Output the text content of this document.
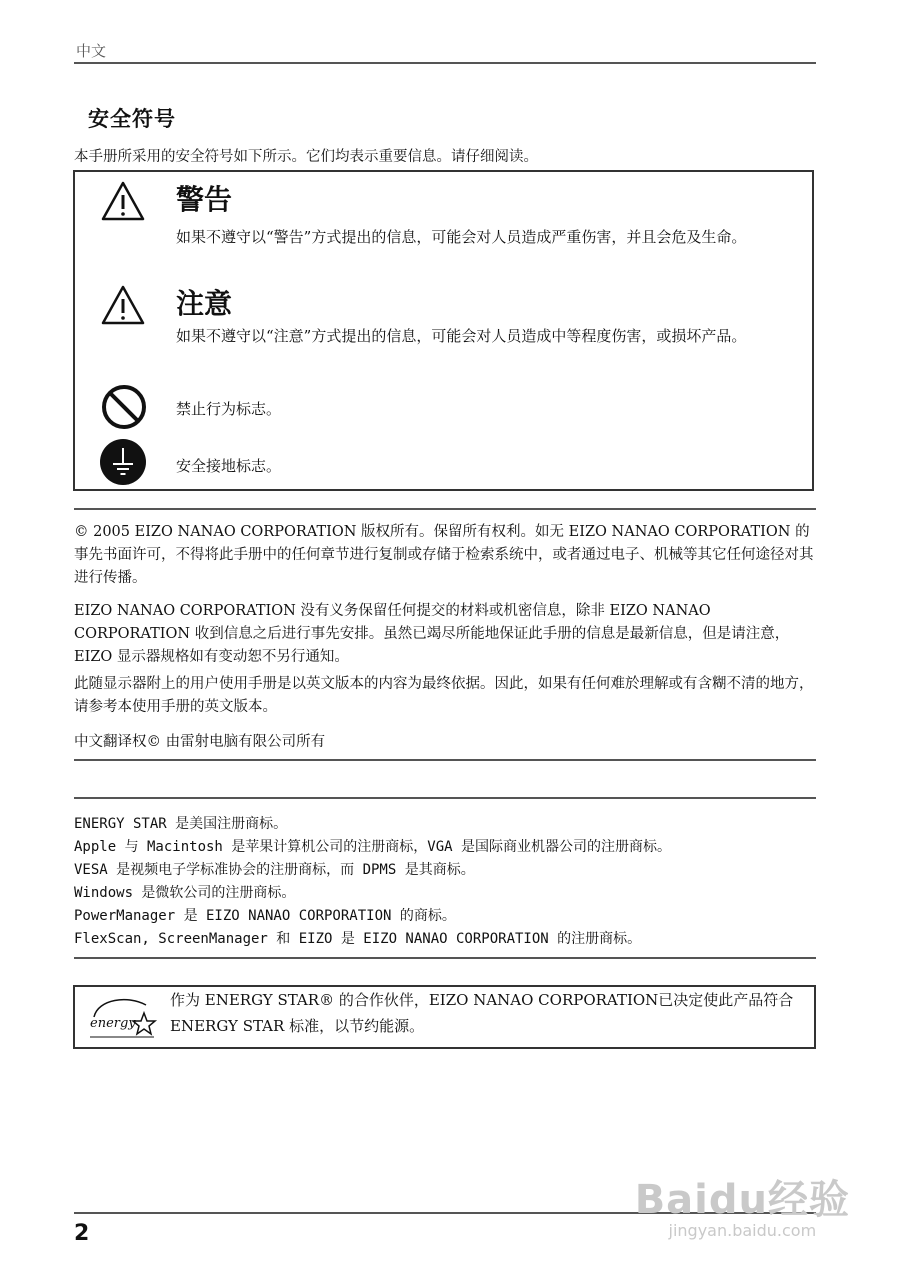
中文
安全符号
本手册所采用的安全符号如下所示。它们均表示重要信息。请仔细阅读。
警告
如果不遵守以“警告”方式提出的信息，可能会对人员造成严重伤害，并且会危及生命。
注意
如果不遵守以“注意”方式提出的信息，可能会对人员造成中等程度伤害，或损坏产品。
禁止行为标志。
安全接地标志。
© 2005 EIZO NANAO CORPORATION 版权所有。保留所有权利。如无 EIZO NANAO CORPORATION 的事先书面许可，不得将此手册中的任何章节进行复制或存储于检索系统中，或者通过电子、机械等其它任何途径对其进行传播。
EIZO NANAO CORPORATION 没有义务保留任何提交的材料或机密信息，除非 EIZO NANAO CORPORATION 收到信息之后进行事先安排。虽然已竭尽所能地保证此手册的信息是最新信息，但是请注意，EIZO 显示器规格如有变动恕不另行通知。
此随显示器附上的用户使用手册是以英文版本的内容为最终依据。因此，如果有任何难於理解或有含糊不清的地方，请参考本使用手册的英文版本。
中文翻译权© 由雷射电脑有限公司所有
ENERGY STAR 是美国注册商标。
Apple 与 Macintosh 是苹果计算机公司的注册商标，VGA 是国际商业机器公司的注册商标。
VESA 是视频电子学标准协会的注册商标，而 DPMS 是其商标。
Windows 是微软公司的注册商标。
PowerManager 是 EIZO NANAO CORPORATION 的商标。
FlexScan, ScreenManager 和 EIZO 是 EIZO NANAO CORPORATION 的注册商标。
energy
作为 ENERGY STAR® 的合作伙伴，EIZO NANAO CORPORATION已决定使此产品符合
ENERGY STAR 标准，以节约能源。
2
Baidu经验
jingyan.baidu.com
